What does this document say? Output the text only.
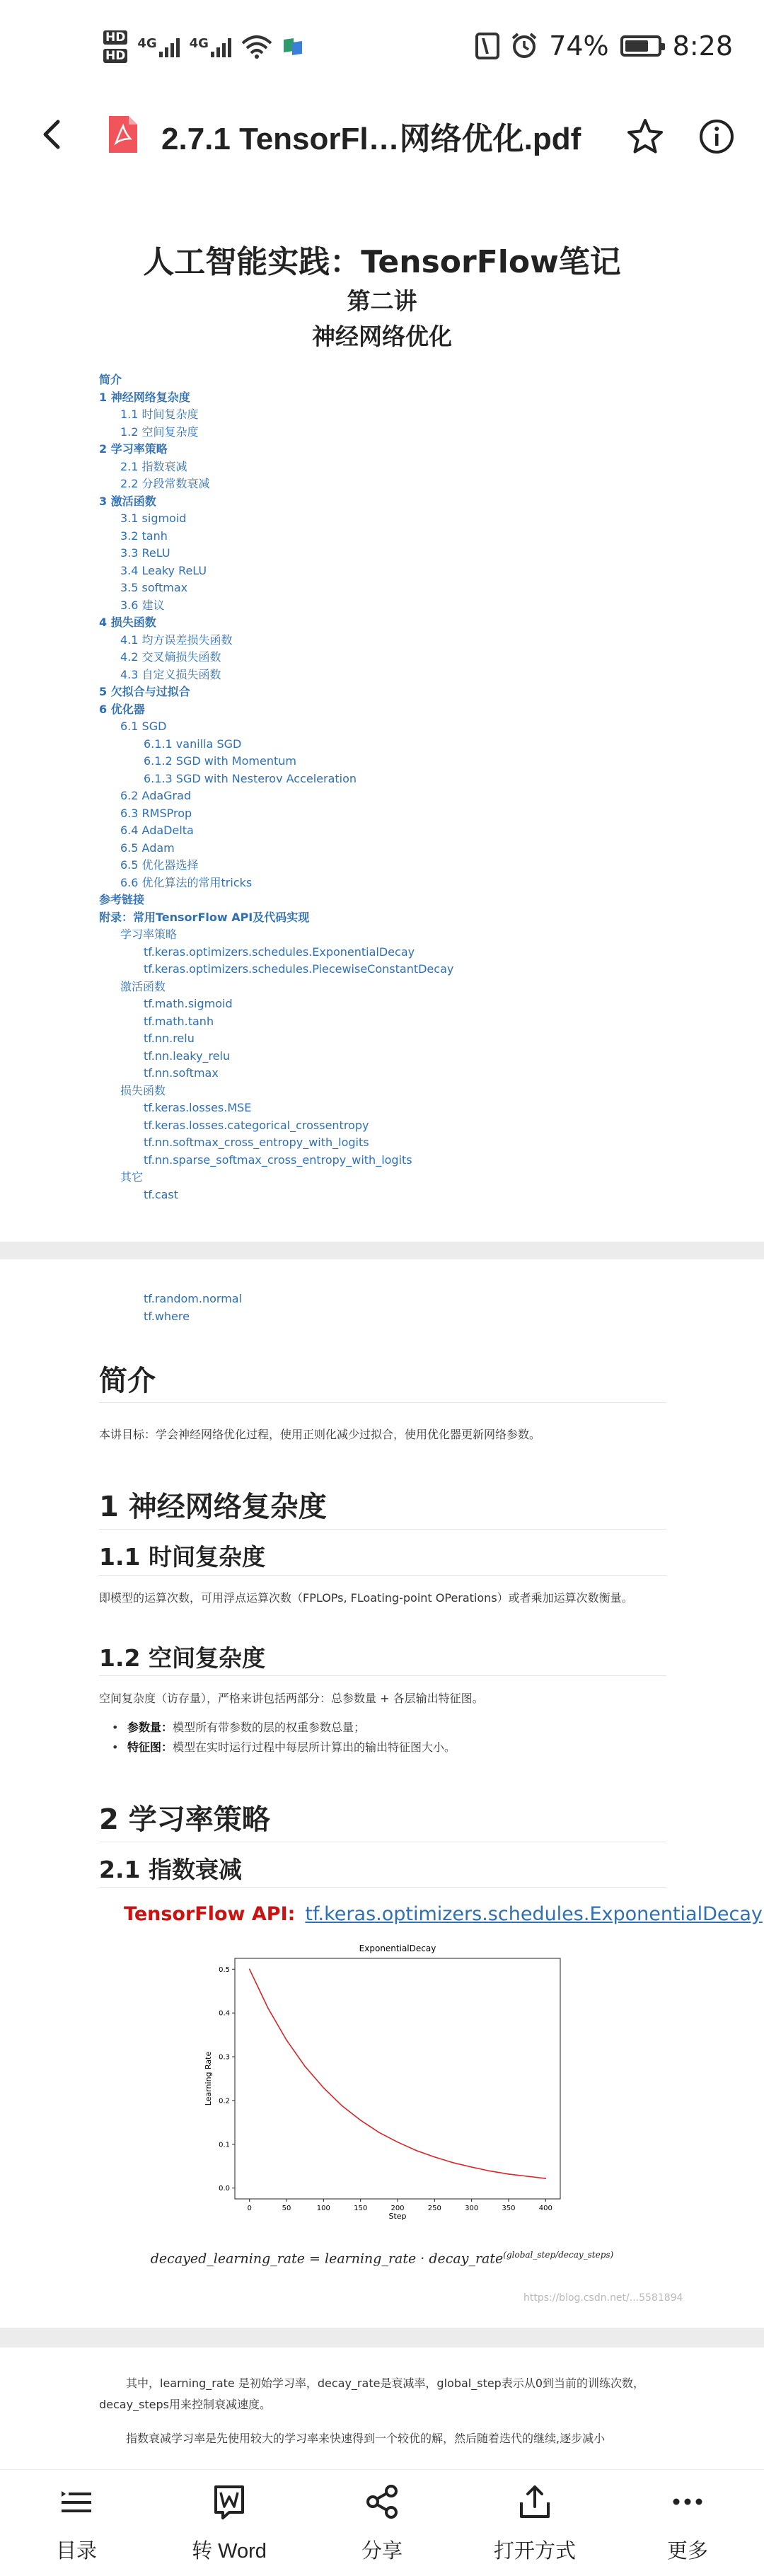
HD
HD
4G	4G	74% 8:28
2.7.1 TensorFl…网络优化.pdf
人工智能实践：TensorFlow笔记
第二讲
神经网络优化
简介
1 神经网络复杂度
1.1 时间复杂度
1.2 空间复杂度
2 学习率策略
2.1 指数衰减
2.2 分段常数衰减
3 激活函数
3.1 sigmoid
3.2 tanh
3.3 ReLU
3.4 Leaky ReLU
3.5 softmax
3.6 建议
4 损失函数
4.1 均方误差损失函数
4.2 交叉熵损失函数
4.3 自定义损失函数
5 欠拟合与过拟合
6 优化器
6.1 SGD
6.1.1 vanilla SGD
6.1.2 SGD with Momentum
6.1.3 SGD with Nesterov Acceleration
6.2 AdaGrad
6.3 RMSProp
6.4 AdaDelta
6.5 Adam
6.5 优化器选择
6.6 优化算法的常用tricks
参考链接
附录：常用TensorFlow API及代码实现
学习率策略
tf.keras.optimizers.schedules.ExponentialDecay
tf.keras.optimizers.schedules.PiecewiseConstantDecay
激活函数
tf.math.sigmoid
tf.math.tanh
tf.nn.relu
tf.nn.leaky_relu
tf.nn.softmax
损失函数
tf.keras.losses.MSE
tf.keras.losses.categorical_crossentropy
tf.nn.softmax_cross_entropy_with_logits
tf.nn.sparse_softmax_cross_entropy_with_logits
其它
tf.cast
tf.random.normal
tf.where
简介
本讲目标：学会神经网络优化过程，使用正则化减少过拟合，使用优化器更新网络参数。
1 神经网络复杂度
1.1 时间复杂度
即模型的运算次数，可用浮点运算次数（FPLOPs, FLoating-point OPerations）或者乘加运算次数衡量。
1.2 空间复杂度
空间复杂度（访存量），严格来讲包括两部分：总参数量 + 各层输出特征图。
• 参数量：模型所有带参数的层的权重参数总量；
• 特征图：模型在实时运行过程中每层所计算出的输出特征图大小。
2 学习率策略
2.1 指数衰减
TensorFlow API: tf.keras.optimizers.schedules.ExponentialDecay
ExponentialDecay
0	50	100	150	200	250	300	350	400
0.0
0.1
0.2
0.3
0.4
0.5
Step
Learning Rate
decayed_learning_rate = learning_rate · decay_rate$^{(global\_step/decay\_steps)}$
https://blog.csdn.net/...5581894
其中，learning_rate 是初始学习率，decay_rate是衰减率，global_step表示从0到当前的训练次数，decay_steps用来控制衰减速度。
指数衰减学习率是先使用较大的学习率来快速得到一个较优的解，然后随着迭代的继续,逐步减小
目录	转 Word	分享	打开方式	更多
